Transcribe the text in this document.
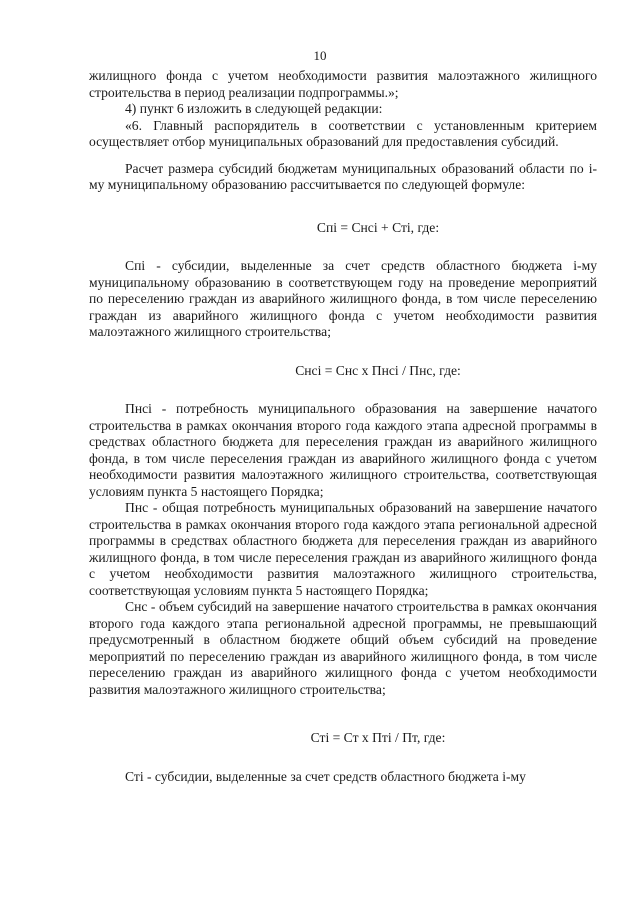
10

жилищного фонда с учетом необходимости развития малоэтажного жилищного строительства в период реализации подпрограммы.»;

4) пункт 6 изложить в следующей редакции:

«6. Главный распорядитель в соответствии с установленным критерием осуществляет отбор муниципальных образований для предоставления субсидий.

Расчет размера субсидий бюджетам муниципальных образований области по i-му муниципальному образованию рассчитывается по следующей формуле:

Спi = Снсi + Стi, где:

Спi - субсидии, выделенные за счет средств областного бюджета i-му муниципальному образованию в соответствующем году на проведение мероприятий по переселению граждан из аварийного жилищного фонда, в том числе переселению граждан из аварийного жилищного фонда с учетом необходимости развития малоэтажного жилищного строительства;

Снсi = Снс х Пнсi / Пнс, где:

Пнсi - потребность муниципального образования на завершение начатого строительства в рамках окончания второго года каждого этапа адресной программы в средствах областного бюджета для переселения граждан из аварийного жилищного фонда, в том числе переселения граждан из аварийного жилищного фонда с учетом необходимости развития малоэтажного жилищного строительства, соответствующая условиям пункта 5 настоящего Порядка;

Пнс - общая потребность муниципальных образований на завершение начатого строительства в рамках окончания второго года каждого этапа региональной адресной программы в средствах областного бюджета для переселения граждан из аварийного жилищного фонда, в том числе переселения граждан из аварийного жилищного фонда с учетом необходимости развития малоэтажного жилищного строительства, соответствующая условиям пункта 5 настоящего Порядка;

Снс - объем субсидий на завершение начатого строительства в рамках окончания второго года каждого этапа региональной адресной программы, не превышающий предусмотренный в областном бюджете общий объем субсидий на проведение мероприятий по переселению граждан из аварийного жилищного фонда, в том числе переселению граждан из аварийного жилищного фонда с учетом необходимости развития малоэтажного жилищного строительства;

Стi = Ст х Птi / Пт, где:

Стi - субсидии, выделенные за счет средств областного бюджета i-му
